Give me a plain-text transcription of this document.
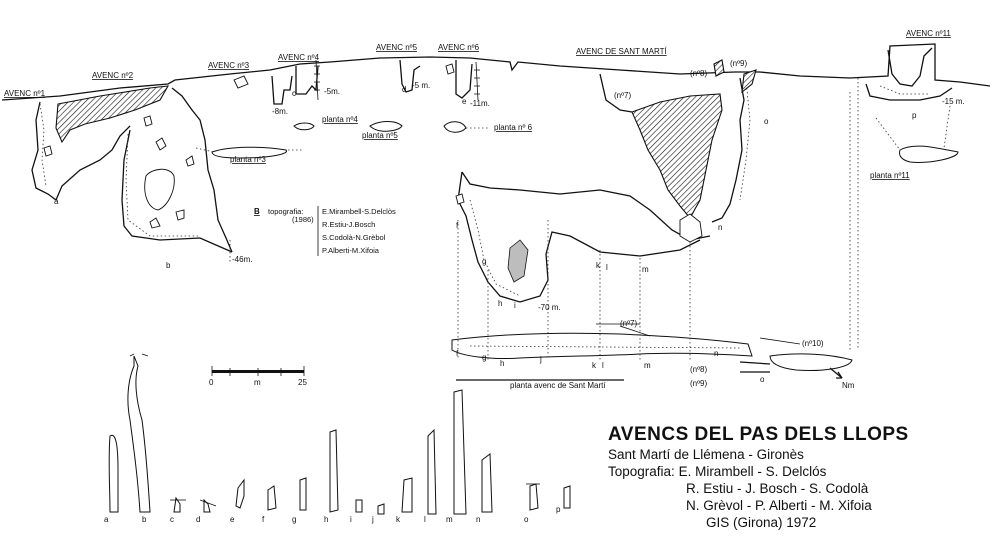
0	m	25
AVENC nº1
AVENC nº2
AVENC nº3
AVENC nº4
AVENC nº5	AVENC nº6	AVENC DE SANT MARTÍ
(nº9)
(nº8)
(nº7)
AVENC nº11
planta nº3
planta nº4
planta nº5
planta nº 6
planta nº11
planta avenc de Sant Martí
(nº7)
(nº10)
(nº8)
(nº9)	Nm
-46m.
-5m.
-8m.
-5 m.
-11m.
-70 m.
-15 m.
a
b
c	d
e
f
g
h i
k l	m
n
o
p
f	g
h	j
k l	m
n
o
a	b	c	d	e	f	g	h	i	j	k	l	m	n	o
p
B topografia:
(1986)
E.Mirambell-S.Delclòs
R.Estiu-J.Bosch
S.Codolà-N.Grèbol
P.Alberti-M.Xifoia

AVENCS DEL PAS DELS LLOPS

Sant Martí de Llémena - Gironès

Topografia: E. Mirambell - S. Delclós

R. Estiu - J. Bosch - S. Codolà

N. Grèvol - P. Alberti - M. Xifoia

GIS (Girona) 1972
